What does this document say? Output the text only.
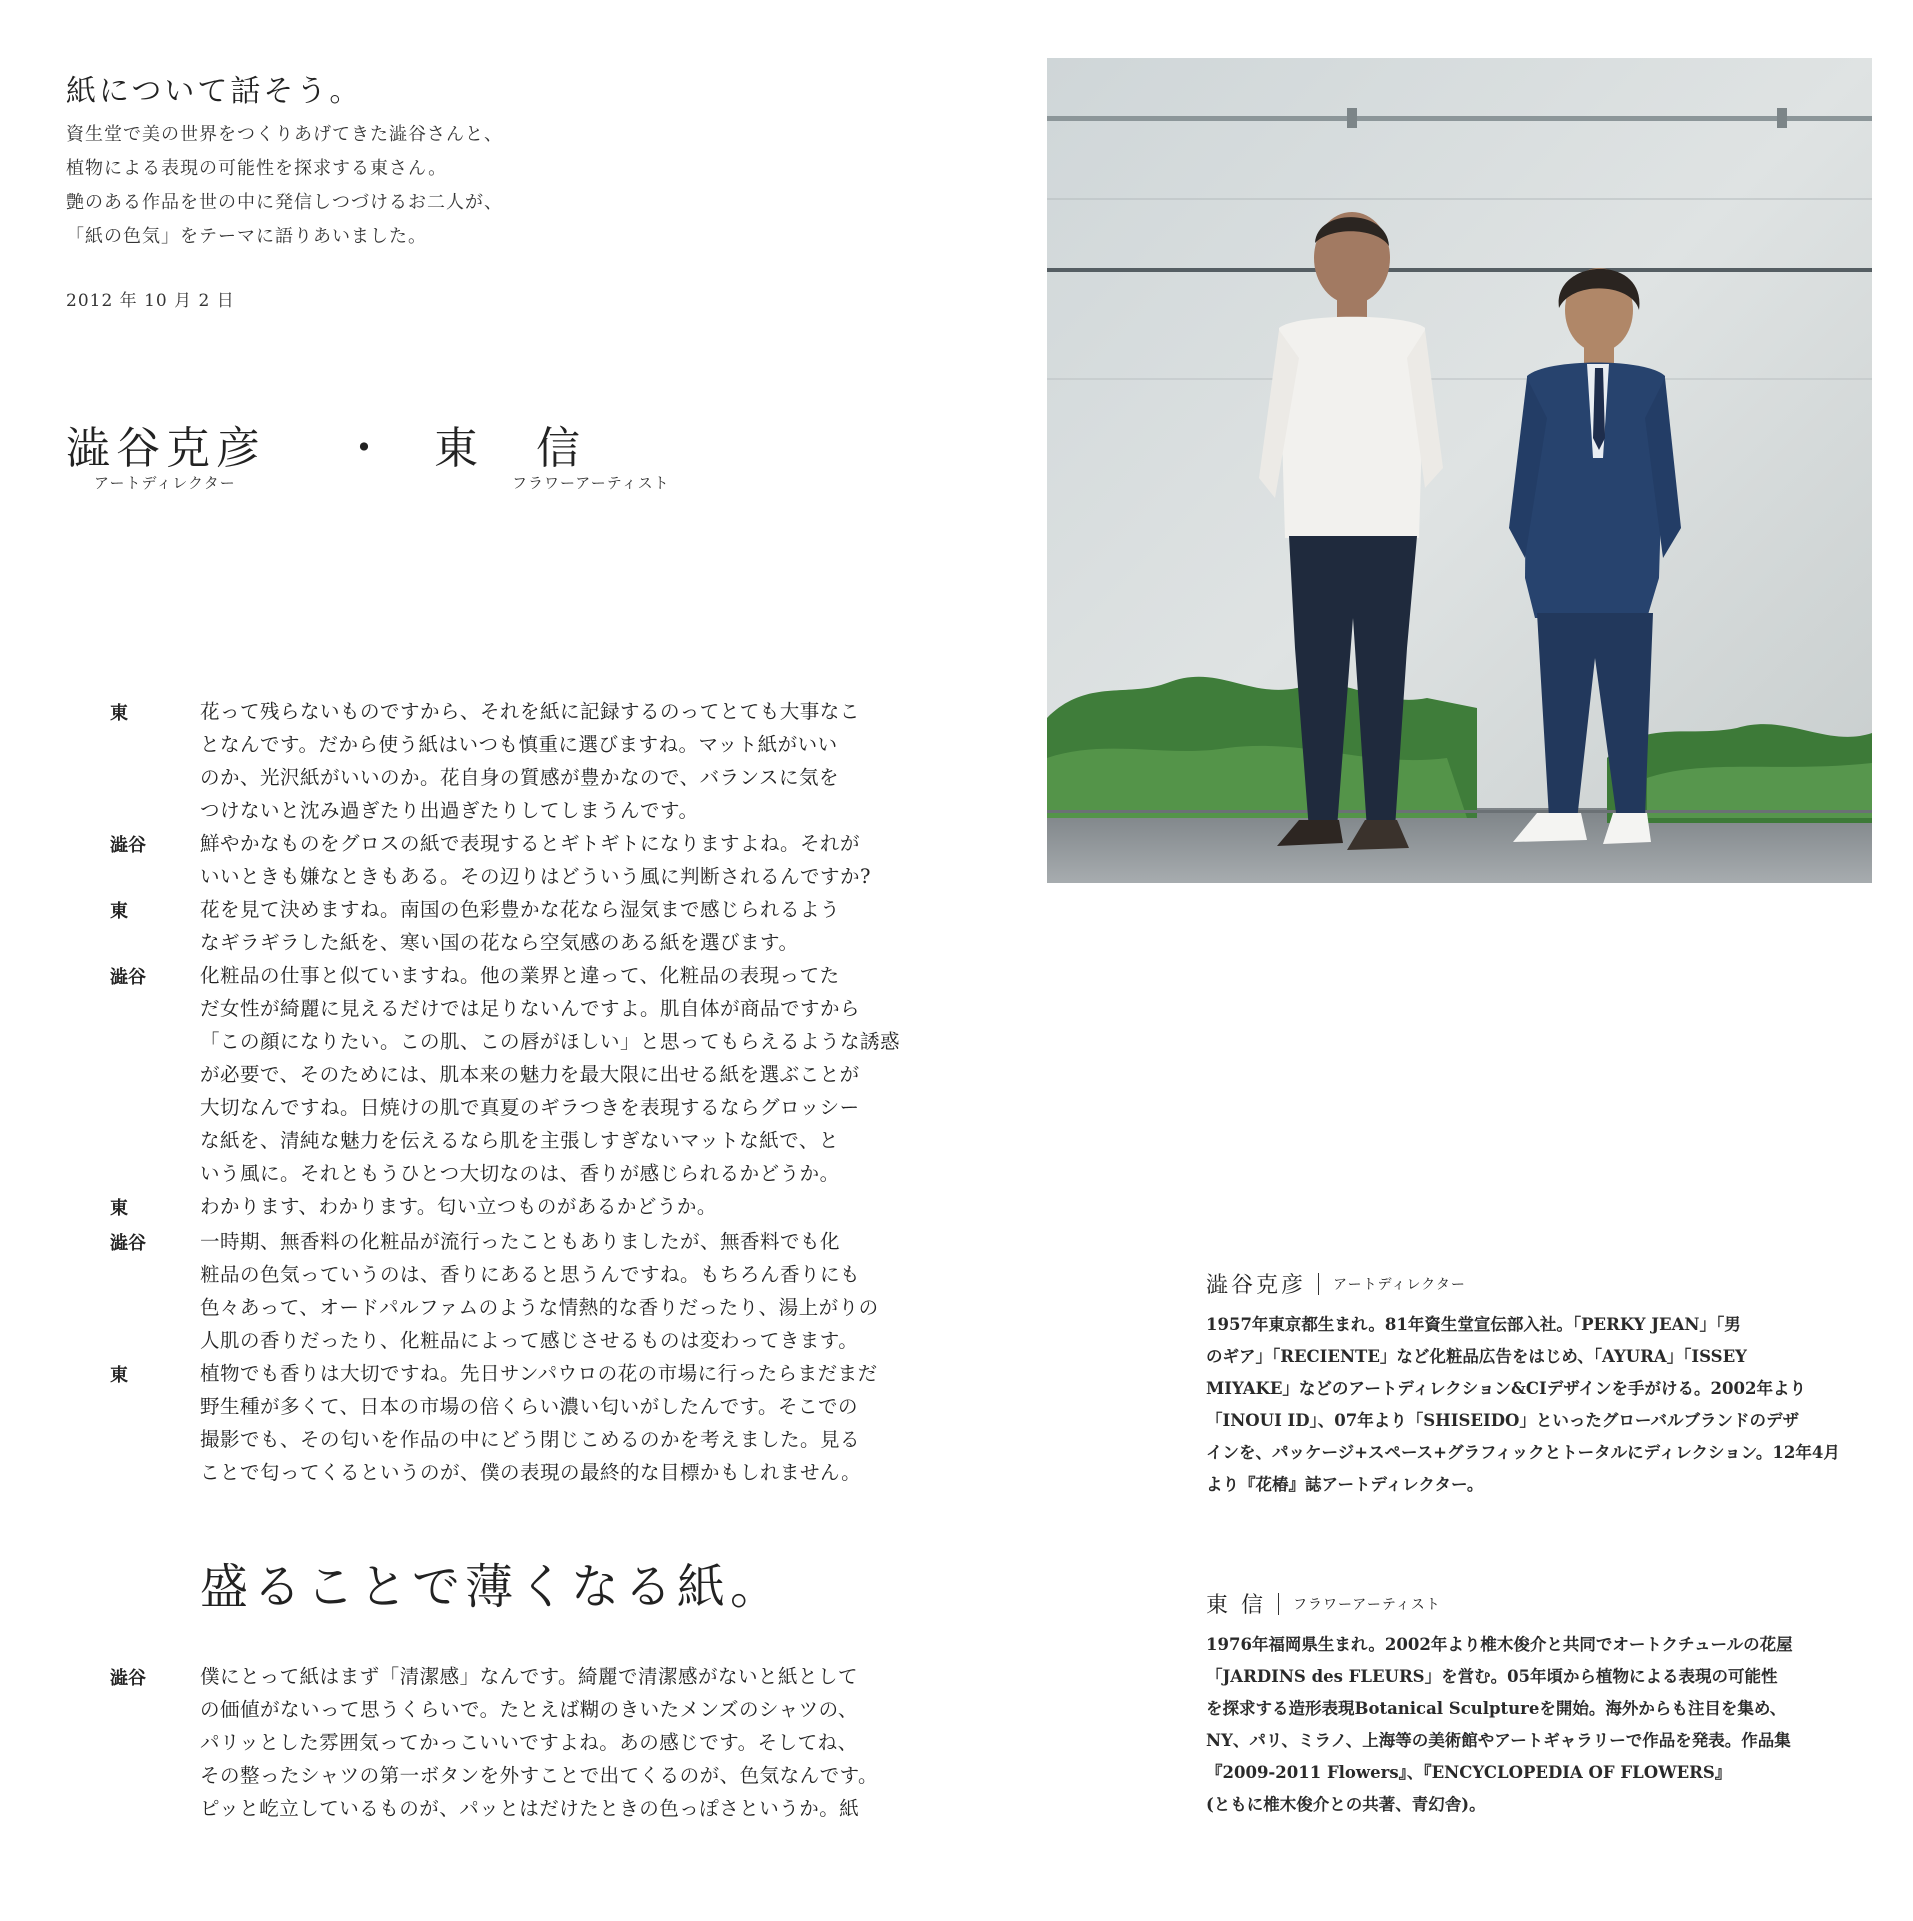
紙について話そう。
資生堂で美の世界をつくりあげてきた澁谷さんと、
植物による表現の可能性を探求する東さん。
艶のある作品を世の中に発信しつづけるお二人が、
「紙の色気」をテーマに語りあいました。
2012 年 10 月 2 日
澁谷克彦 ・ 東 信
アートディレクター	フラワーアーティスト
東	花って残らないものですから、それを紙に記録するのってとても大事なこ
となんです。だから使う紙はいつも慎重に選びますね。マット紙がいい
のか、光沢紙がいいのか。花自身の質感が豊かなので、バランスに気を
つけないと沈み過ぎたり出過ぎたりしてしまうんです。
澁谷	鮮やかなものをグロスの紙で表現するとギトギトになりますよね。それが
いいときも嫌なときもある。その辺りはどういう風に判断されるんですか?
東	花を見て決めますね。南国の色彩豊かな花なら湿気まで感じられるよう
なギラギラした紙を、寒い国の花なら空気感のある紙を選びます。
澁谷	化粧品の仕事と似ていますね。他の業界と違って、化粧品の表現ってた
だ女性が綺麗に見えるだけでは足りないんですよ。肌自体が商品ですから
「この顔になりたい。この肌、この唇がほしい」と思ってもらえるような誘惑
が必要で、そのためには、肌本来の魅力を最大限に出せる紙を選ぶことが
大切なんですね。日焼けの肌で真夏のギラつきを表現するならグロッシー
な紙を、清純な魅力を伝えるなら肌を主張しすぎないマットな紙で、と
いう風に。それともうひとつ大切なのは、香りが感じられるかどうか。
東	わかります、わかります。匂い立つものがあるかどうか。
澁谷	一時期、無香料の化粧品が流行ったこともありましたが、無香料でも化
粧品の色気っていうのは、香りにあると思うんですね。もちろん香りにも
色々あって、オードパルファムのような情熱的な香りだったり、湯上がりの
人肌の香りだったり、化粧品によって感じさせるものは変わってきます。
東	植物でも香りは大切ですね。先日サンパウロの花の市場に行ったらまだまだ
野生種が多くて、日本の市場の倍くらい濃い匂いがしたんです。そこでの
撮影でも、その匂いを作品の中にどう閉じこめるのかを考えました。見る
ことで匂ってくるというのが、僕の表現の最終的な目標かもしれません。
盛ることで薄くなる紙。
澁谷	僕にとって紙はまず「清潔感」なんです。綺麗で清潔感がないと紙として
の価値がないって思うくらいで。たとえば糊のきいたメンズのシャツの、
パリッとした雰囲気ってかっこいいですよね。あの感じです。そしてね、
その整ったシャツの第一ボタンを外すことで出てくるのが、色気なんです。
ピッと屹立しているものが、パッとはだけたときの色っぽさというか。紙
澁谷克彦 アートディレクター
1957年東京都生まれ。81年資生堂宣伝部入社。「PERKY JEAN」「男
のギア」「RECIENTE」など化粧品広告をはじめ、「AYURA」「ISSEY
MIYAKE」などのアートディレクション&CIデザインを手がける。2002年より
「INOUI ID」、07年より「SHISEIDO」といったグローバルブランドのデザ
インを、パッケージ+スペース+グラフィックとトータルにディレクション。12年4月
より『花椿』誌アートディレクター。
東 信 フラワーアーティスト
1976年福岡県生まれ。2002年より椎木俊介と共同でオートクチュールの花屋
「JARDINS des FLEURS」を営む。05年頃から植物による表現の可能性
を探求する造形表現Botanical Sculptureを開始。海外からも注目を集め、
NY、パリ、ミラノ、上海等の美術館やアートギャラリーで作品を発表。作品集
『2009-2011 Flowers』、『ENCYCLOPEDIA OF FLOWERS』
(ともに椎木俊介との共著、青幻舎)。
